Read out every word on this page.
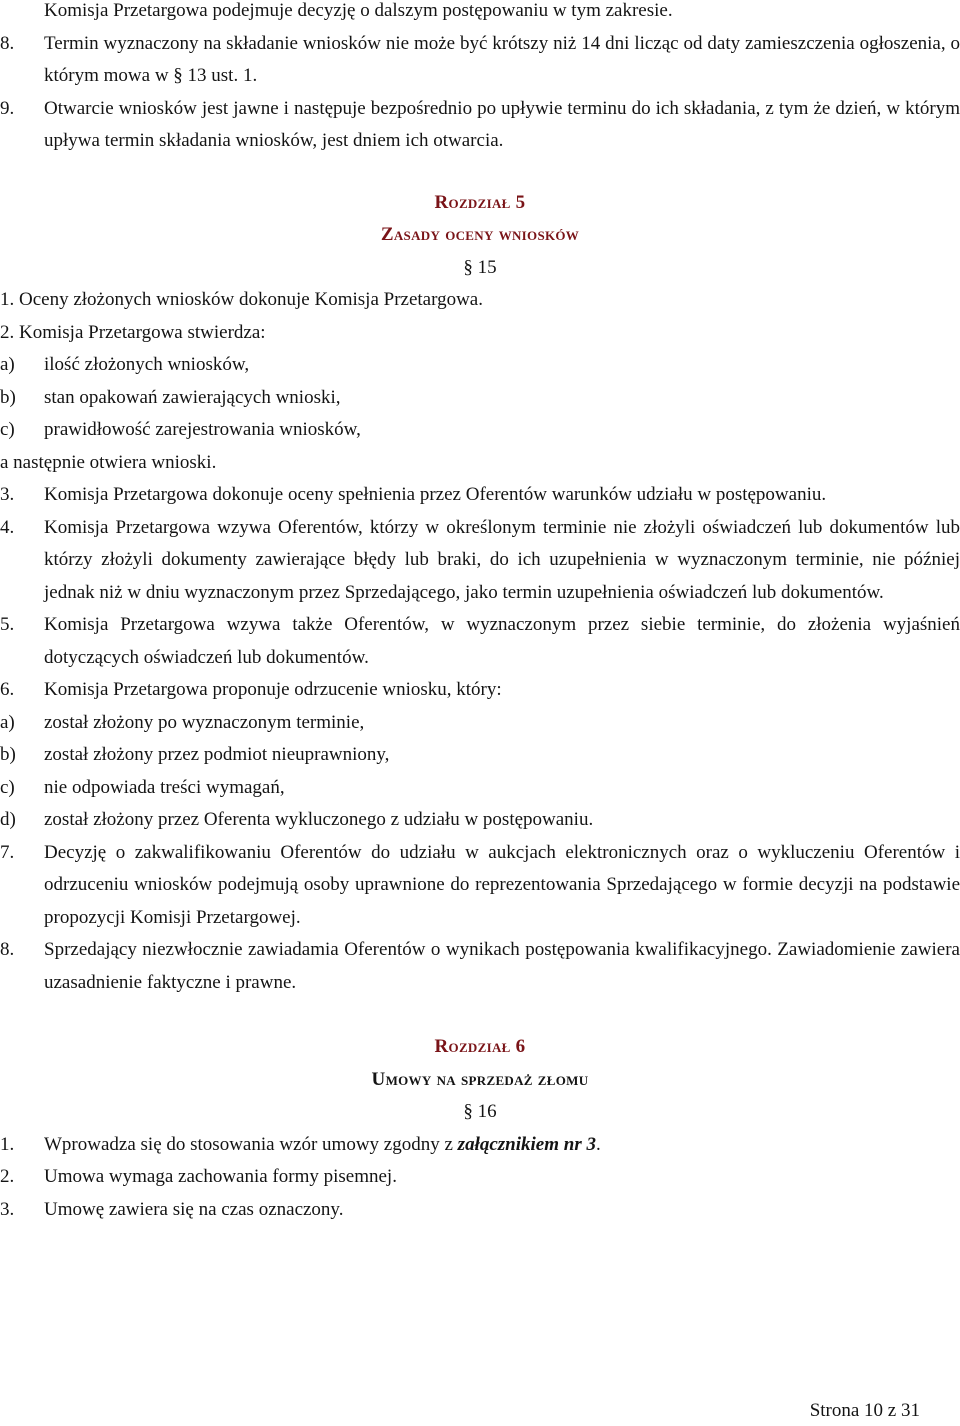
Komisja Przetargowa podejmuje decyzję o dalszym postępowaniu w tym zakresie.
8. Termin wyznaczony na składanie wniosków nie może być krótszy niż 14 dni licząc od daty zamieszczenia ogłoszenia, o którym mowa w § 13 ust. 1.
9. Otwarcie wniosków jest jawne i następuje bezpośrednio po upływie terminu do ich składania, z tym że dzień, w którym upływa termin składania wniosków, jest dniem ich otwarcia.
Rozdział 5
Zasady oceny wniosków
§ 15
1. Oceny złożonych wniosków dokonuje Komisja Przetargowa.
2. Komisja Przetargowa stwierdza:
a) ilość złożonych wniosków,
b) stan opakowań zawierających wnioski,
c) prawidłowość zarejestrowania wniosków,
a następnie otwiera wnioski.
3. Komisja Przetargowa dokonuje oceny spełnienia przez Oferentów warunków udziału w postępowaniu.
4. Komisja Przetargowa wzywa Oferentów, którzy w określonym terminie nie złożyli oświadczeń lub dokumentów lub którzy złożyli dokumenty zawierające błędy lub braki, do ich uzupełnienia w wyznaczonym terminie, nie później jednak niż w dniu wyznaczonym przez Sprzedającego, jako termin uzupełnienia oświadczeń lub dokumentów.
5. Komisja Przetargowa wzywa także Oferentów, w wyznaczonym przez siebie terminie, do złożenia wyjaśnień dotyczących oświadczeń lub dokumentów.
6. Komisja Przetargowa proponuje odrzucenie wniosku, który:
a) został złożony po wyznaczonym terminie,
b) został złożony przez podmiot nieuprawniony,
c) nie odpowiada treści wymagań,
d) został złożony przez Oferenta wykluczonego z udziału w postępowaniu.
7. Decyzję o zakwalifikowaniu Oferentów do udziału w aukcjach elektronicznych oraz o wykluczeniu Oferentów i odrzuceniu wniosków podejmują osoby uprawnione do reprezentowania Sprzedającego w formie decyzji na podstawie propozycji Komisji Przetargowej.
8. Sprzedający niezwłocznie zawiadamia Oferentów o wynikach postępowania kwalifikacyjnego. Zawiadomienie zawiera uzasadnienie faktyczne i prawne.
Rozdział 6
Umowy na sprzedaż złomu
§ 16
1. Wprowadza się do stosowania wzór umowy zgodny z załącznikiem nr 3.
2. Umowa wymaga zachowania formy pisemnej.
3. Umowę zawiera się na czas oznaczony.
Strona 10 z 31
